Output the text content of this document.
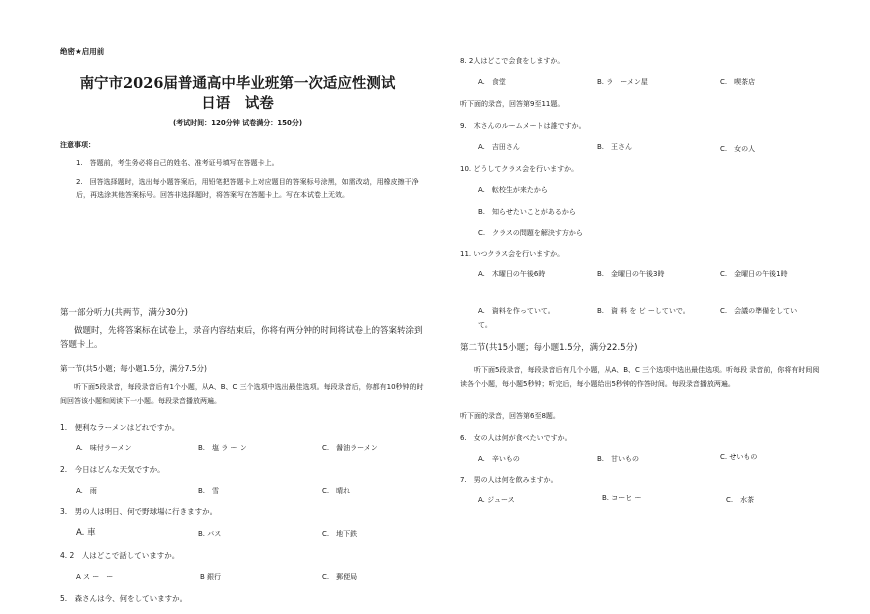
绝密★启用前
南宁市2026届普通高中毕业班第一次适应性测试
日语　试卷
(考试时间：120分钟 试卷满分：150分)
注意事项：
1.　答题前，考生务必将自己的姓名、准考证号填写在答题卡上。
2.　回答选择题时，选出每小题答案后，用铅笔把答题卡上对应题目的答案标号涂黑，如需改动，用橡皮擦干净后，再选涂其他答案标号。回答非选择题时，将答案写在答题卡上。写在本试卷上无效。
第一部分听力(共两节，满分30分)
做题时，先将答案标在试卷上，录音内容结束后，你将有两分钟的时间将试卷上的答案转涂到答题卡上。
第一节(共5小题；每小题1.5分，满分7.5分)
听下面5段录音，每段录音后有1个小题，从A、B、C 三个选项中选出最佳选项。每段录音后，你都有10秒钟的时间回答该小题和阅读下一小题。每段录音播放两遍。
1.　便利なラーメンはどれですか。
A.　味付ラーメン	B.　塩 ラ ー ン	C.　醤油ラーメン
2.　今日はどんな天気ですか。
A.　雨	B.　雪	C.　晴れ
3.　男の人は明日、何で野球場に行きますか。
A. 車	B. バス	C.　地下鉄
4. 2　人はどこで話していますか。
A ス ー　ー	B 銀行	C.　郵便局
5.　森さんは今、何をしていますか。
8. 2人はどこで会食をしますか。
A.　食堂	B. ラ　ーメン屋	C.　喫茶店
听下面的录音，回答第9至11题。
9.　木さんのルームメートは誰ですか。
A.　吉田さん	B.　王さん	C.　女の人
10. どうしてクラス会を行いますか。
A.　転校生が来たから
B.　知らせたいことがあるから
C.　クラスの問題を解決す方から
11. いつクラス会を行いますか。
A.　木曜日の午後6時	B.　金曜日の午後3時	C.　金曜日の午後1時
A.　資料を作っていて。	B.　資 料 を ビ ーしていで。	C.　会議の準備をしてい
て。
第二节(共15小题；每小题1.5分，满分22.5分)
听下面5段录音，每段录音后有几个小题，从A、B、C 三个选项中选出最佳选项。听每段 录音前，你将有时间阅读各个小题，每小题5秒钟；听完后，每小题给出5秒钟的作答时间。每段录音播放两遍。
听下面的录音，回答第6至8题。
6.　女の人は何が食べたいですか。
A.　辛いもの	B.　甘いもの	C. せいもの
7.　男の人は何を飲みますか。
A. ジュース	B. コーヒ ー	C.　水茶
